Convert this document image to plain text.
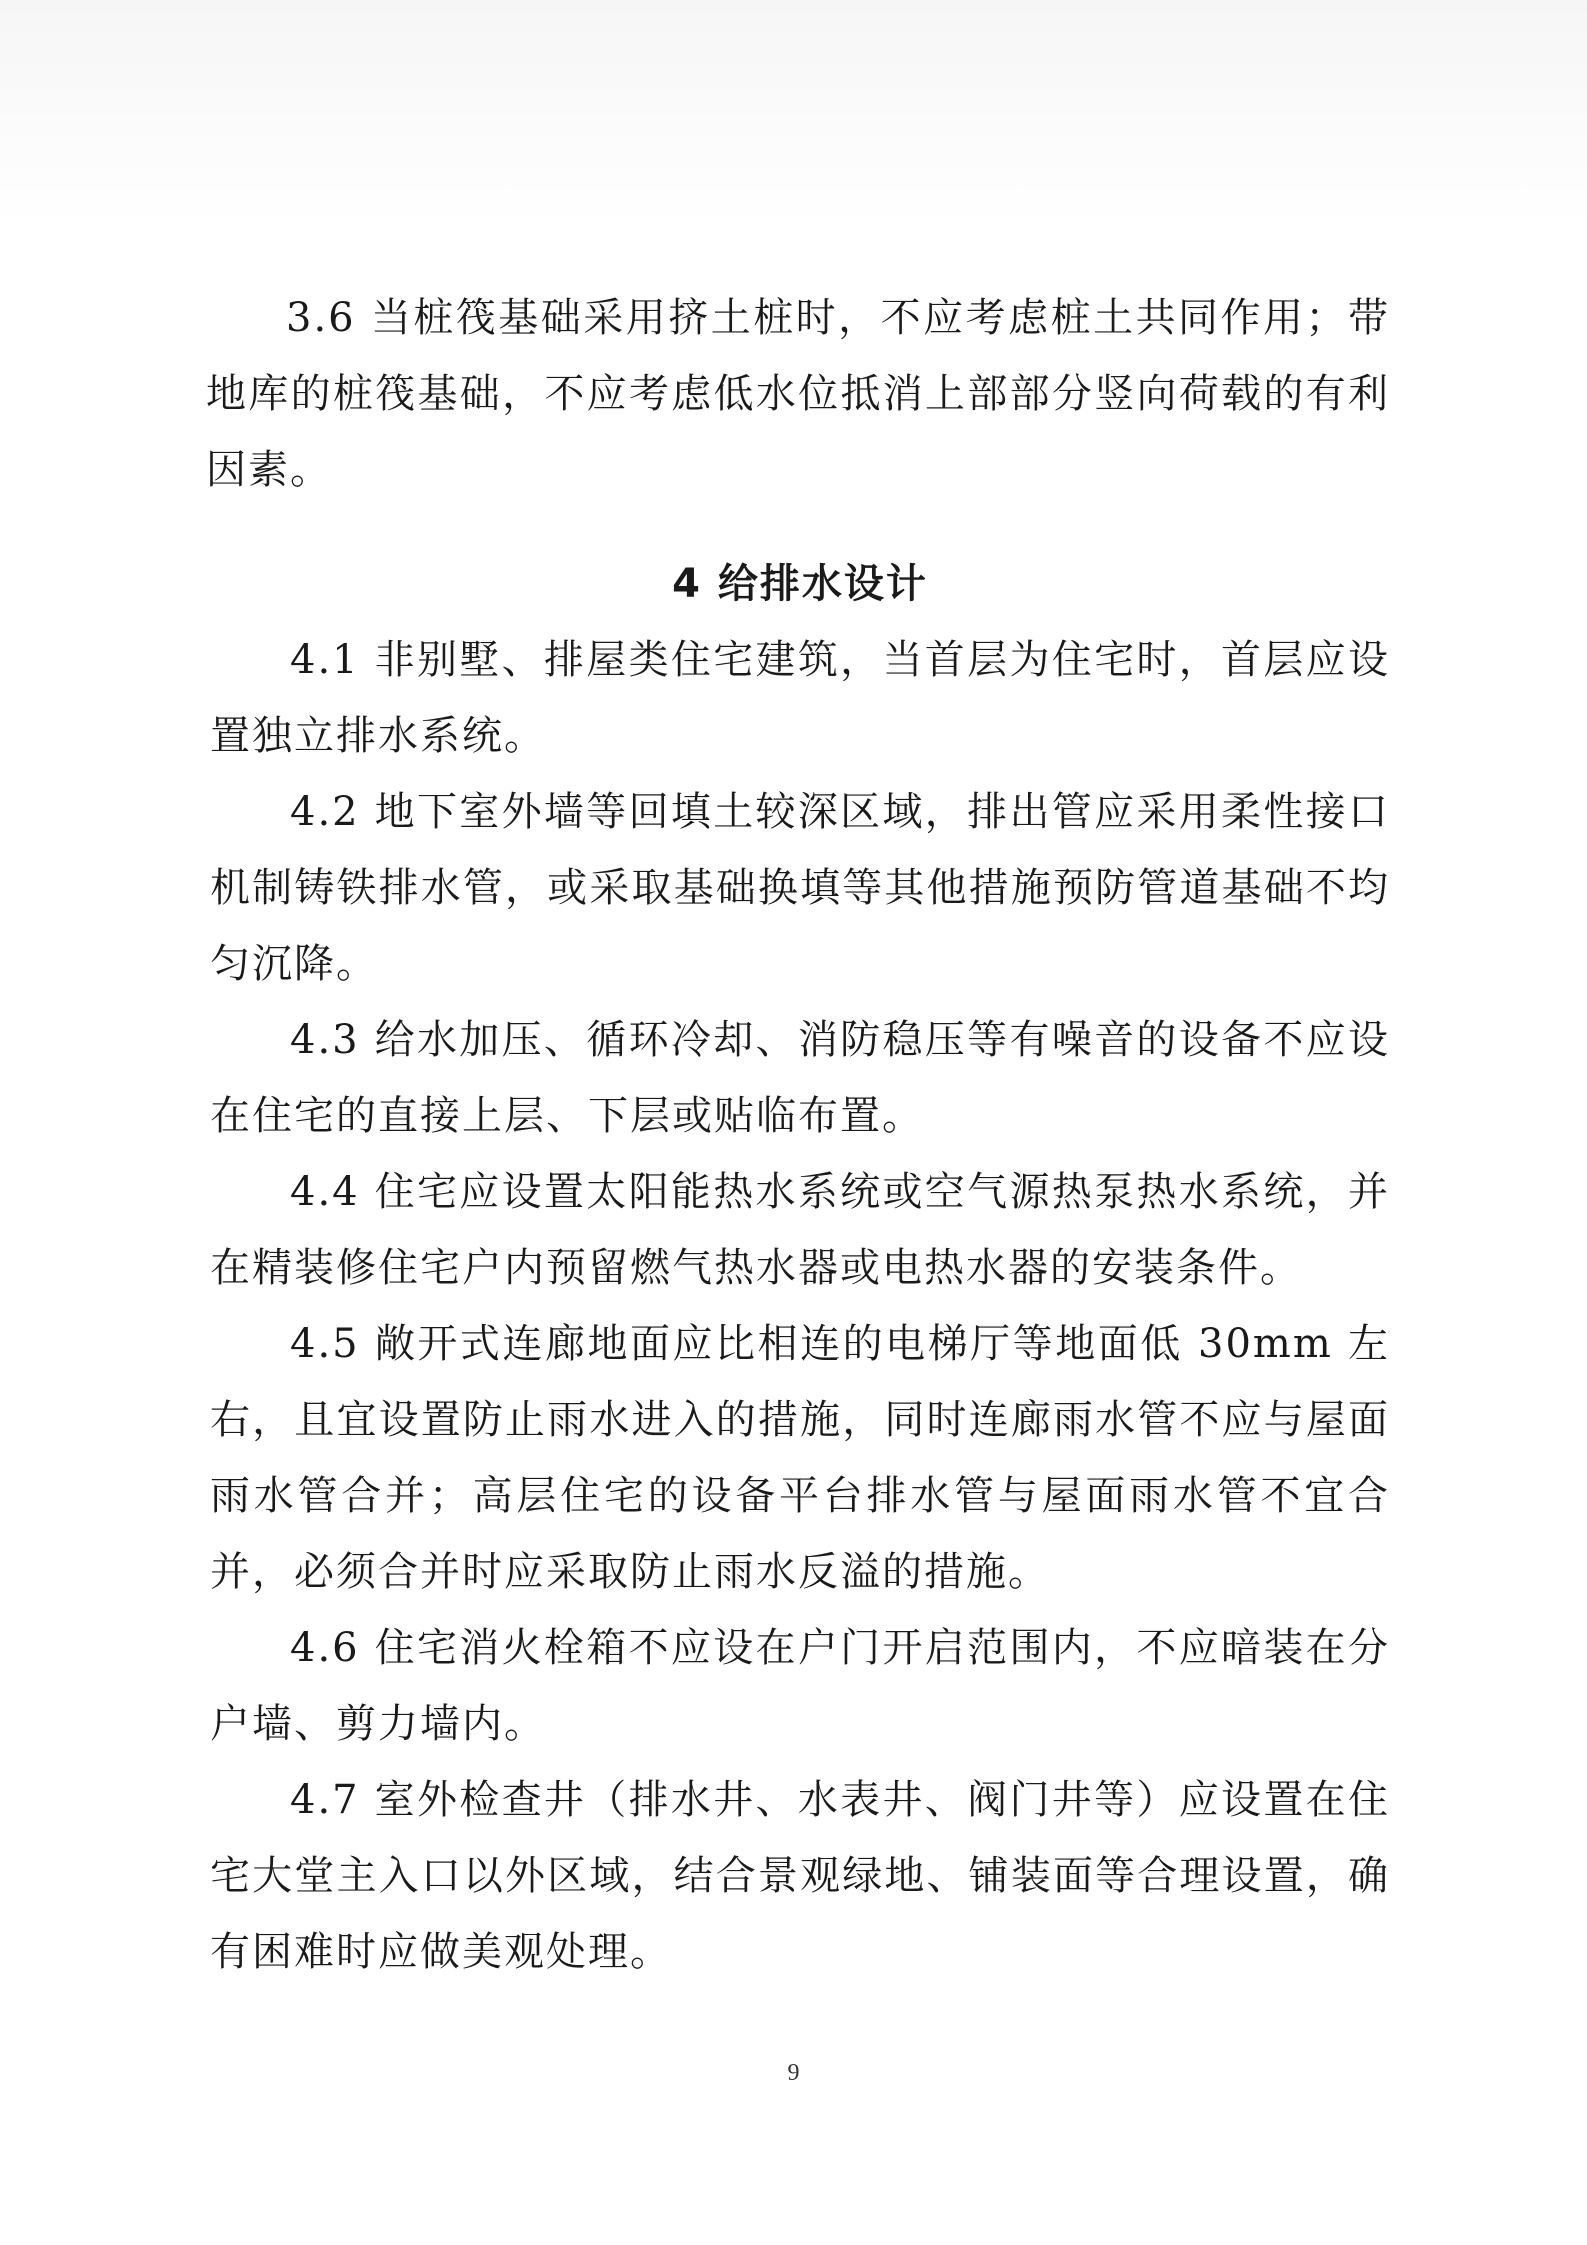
3.6 当桩筏基础采用挤土桩时，不应考虑桩土共同作用；带地库的桩筏基础，不应考虑低水位抵消上部部分竖向荷载的有利因素。

4 给排水设计

4.1 非别墅、排屋类住宅建筑，当首层为住宅时，首层应设置独立排水系统。

4.2 地下室外墙等回填土较深区域，排出管应采用柔性接口机制铸铁排水管，或采取基础换填等其他措施预防管道基础不均匀沉降。

4.3 给水加压、循环冷却、消防稳压等有噪音的设备不应设在住宅的直接上层、下层或贴临布置。

4.4 住宅应设置太阳能热水系统或空气源热泵热水系统，并在精装修住宅户内预留燃气热水器或电热水器的安装条件。

4.5 敞开式连廊地面应比相连的电梯厅等地面低 30mm 左右，且宜设置防止雨水进入的措施，同时连廊雨水管不应与屋面雨水管合并；高层住宅的设备平台排水管与屋面雨水管不宜合并，必须合并时应采取防止雨水反溢的措施。

4.6 住宅消火栓箱不应设在户门开启范围内，不应暗装在分户墙、剪力墙内。

4.7 室外检查井（排水井、水表井、阀门井等）应设置在住宅大堂主入口以外区域，结合景观绿地、铺装面等合理设置，确有困难时应做美观处理。

9
